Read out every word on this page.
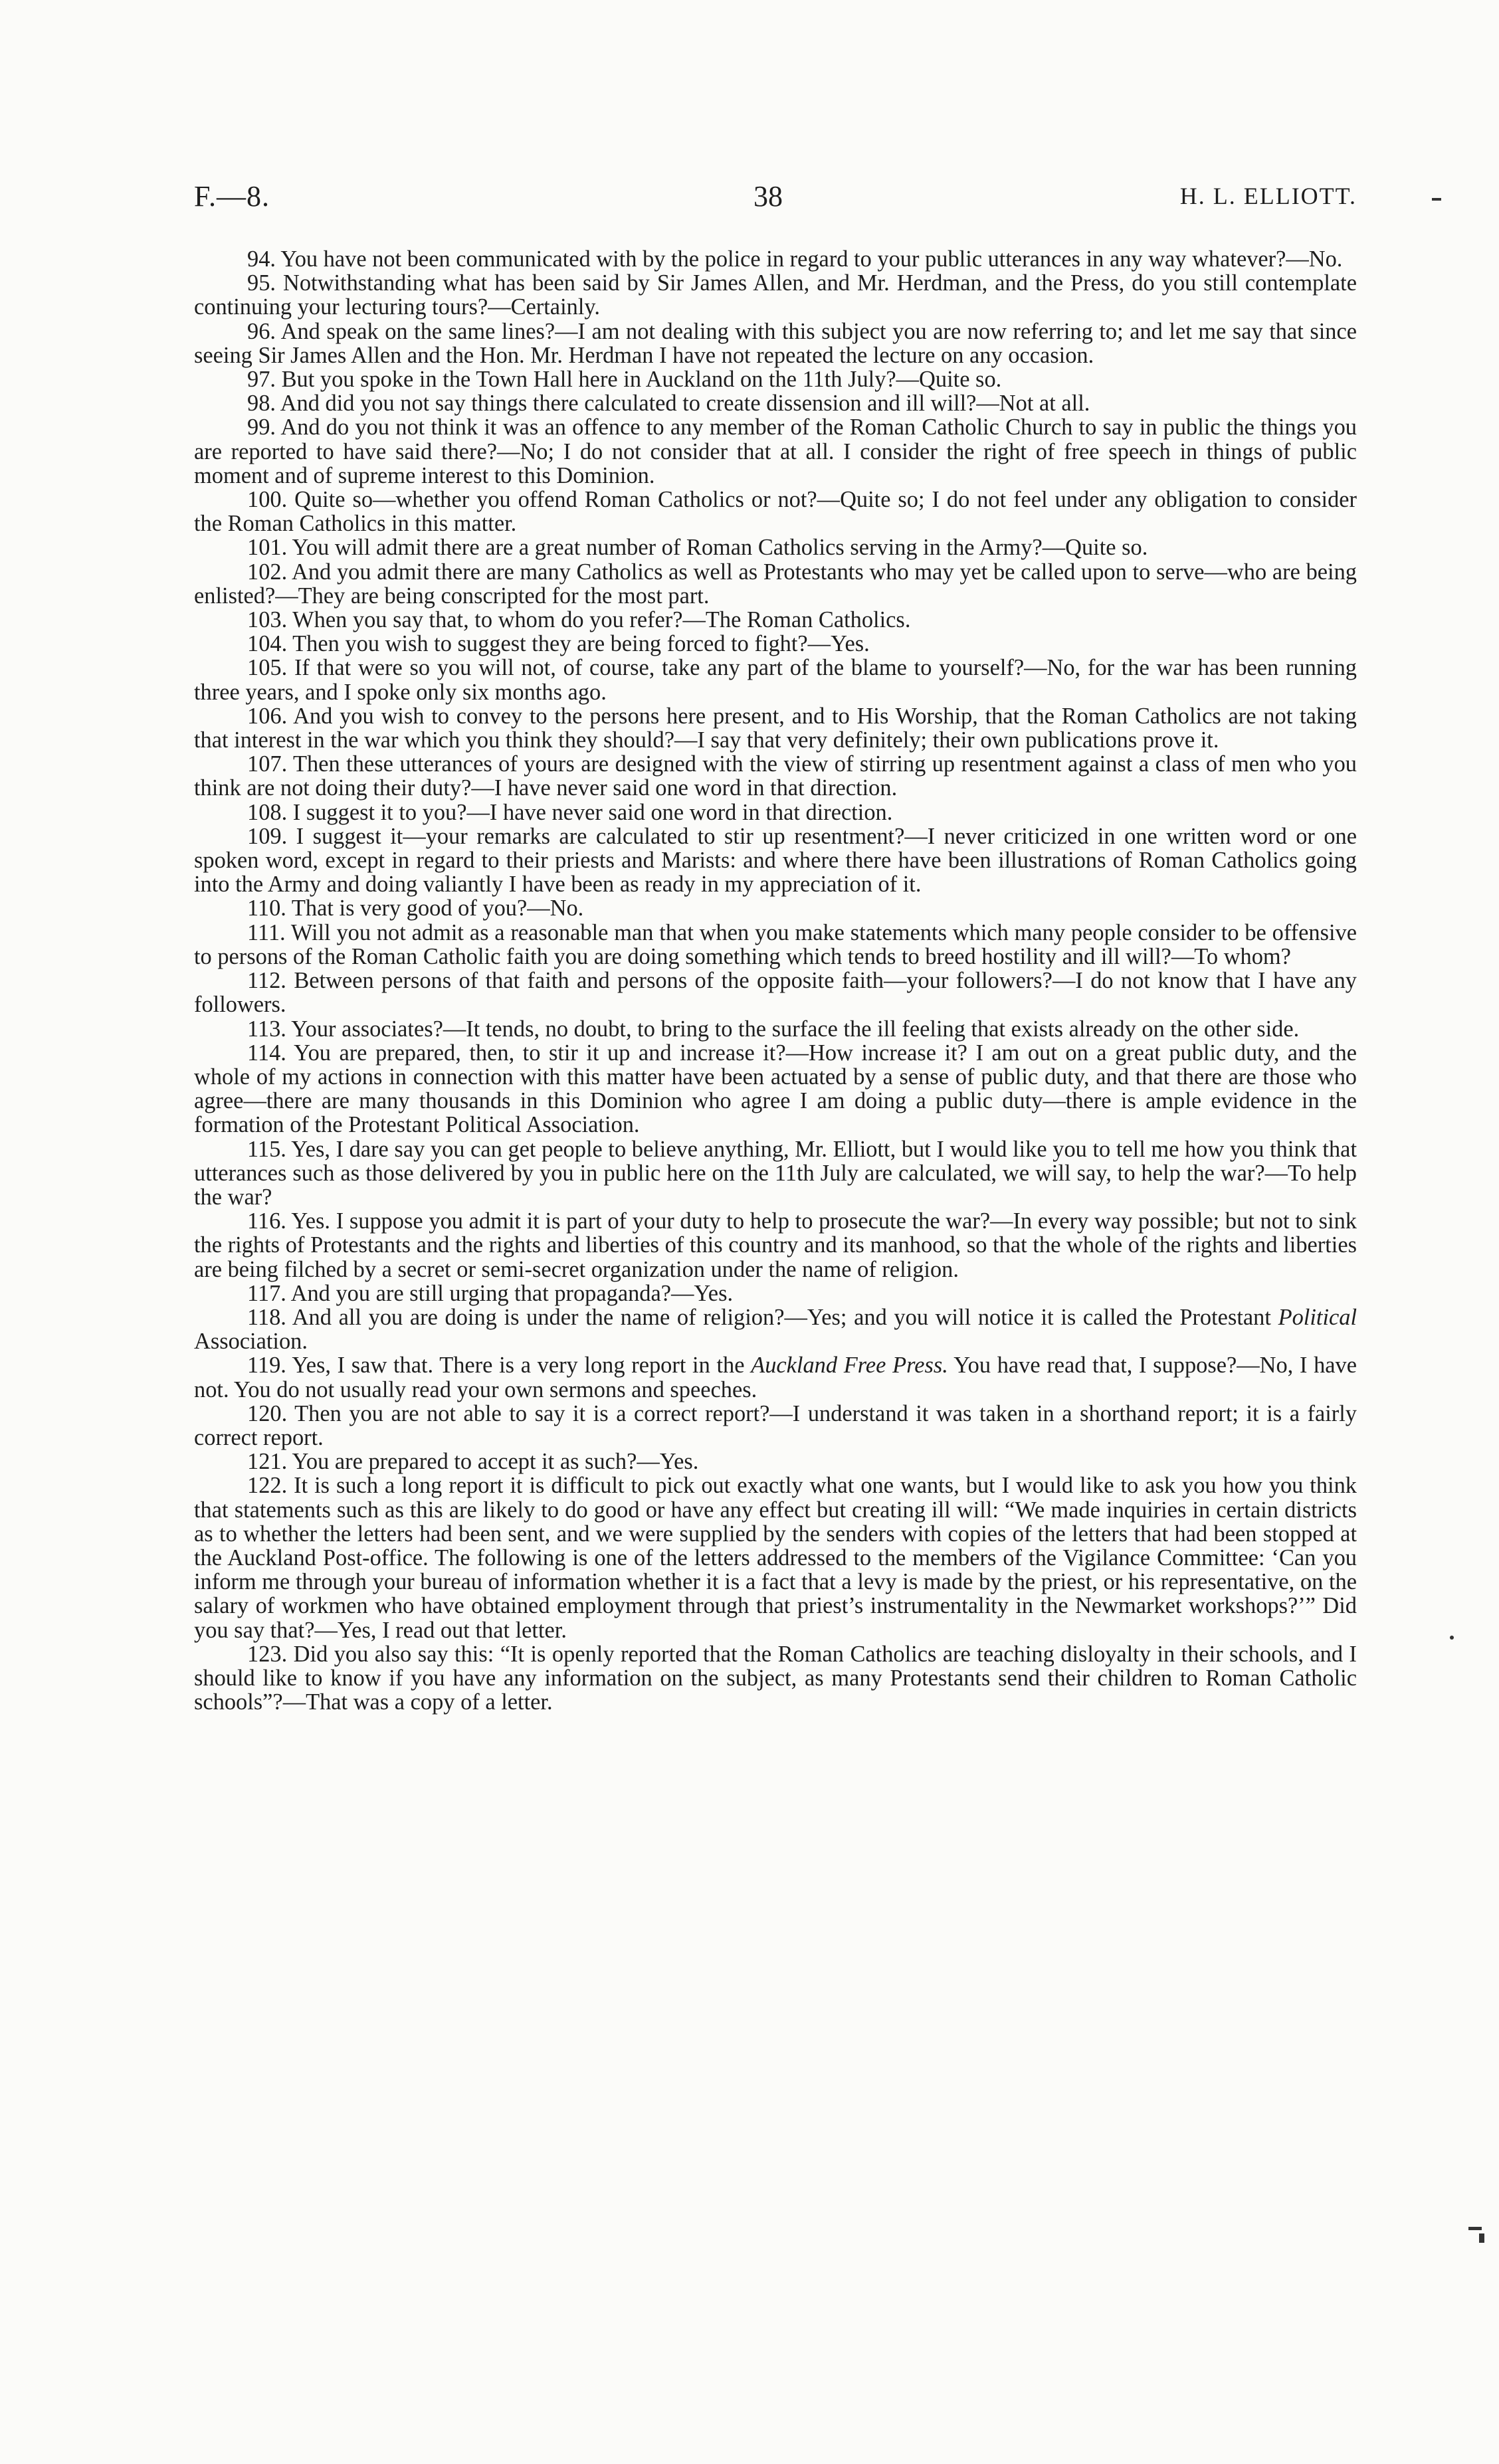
F.—8.	38	H. L. ELLIOTT.

94. You have not been communicated with by the police in regard to your public utterances in any way whatever?—No.

95. Notwithstanding what has been said by Sir James Allen, and Mr. Herdman, and the Press, do you still contemplate continuing your lecturing tours?—Certainly.

96. And speak on the same lines?—I am not dealing with this subject you are now referring to; and let me say that since seeing Sir James Allen and the Hon. Mr. Herdman I have not repeated the lecture on any occasion.

97. But you spoke in the Town Hall here in Auckland on the 11th July?—Quite so.

98. And did you not say things there calculated to create dissension and ill will?—Not at all.

99. And do you not think it was an offence to any member of the Roman Catholic Church to say in public the things you are reported to have said there?—No; I do not consider that at all. I consider the right of free speech in things of public moment and of supreme interest to this Dominion.

100. Quite so—whether you offend Roman Catholics or not?—Quite so; I do not feel under any obligation to consider the Roman Catholics in this matter.

101. You will admit there are a great number of Roman Catholics serving in the Army?—Quite so.

102. And you admit there are many Catholics as well as Protestants who may yet be called upon to serve—who are being enlisted?—They are being conscripted for the most part.

103. When you say that, to whom do you refer?—The Roman Catholics.

104. Then you wish to suggest they are being forced to fight?—Yes.

105. If that were so you will not, of course, take any part of the blame to yourself?—No, for the war has been running three years, and I spoke only six months ago.

106. And you wish to convey to the persons here present, and to His Worship, that the Roman Catholics are not taking that interest in the war which you think they should?—I say that very definitely; their own publications prove it.

107. Then these utterances of yours are designed with the view of stirring up resentment against a class of men who you think are not doing their duty?—I have never said one word in that direction.

108. I suggest it to you?—I have never said one word in that direction.

109. I suggest it—your remarks are calculated to stir up resentment?—I never criticized in one written word or one spoken word, except in regard to their priests and Marists: and where there have been illustrations of Roman Catholics going into the Army and doing valiantly I have been as ready in my appreciation of it.

110. That is very good of you?—No.

111. Will you not admit as a reasonable man that when you make statements which many people consider to be offensive to persons of the Roman Catholic faith you are doing something which tends to breed hostility and ill will?—To whom?

112. Between persons of that faith and persons of the opposite faith—your followers?—I do not know that I have any followers.

113. Your associates?—It tends, no doubt, to bring to the surface the ill feeling that exists already on the other side.

114. You are prepared, then, to stir it up and increase it?—How increase it? I am out on a great public duty, and the whole of my actions in connection with this matter have been actuated by a sense of public duty, and that there are those who agree—there are many thousands in this Dominion who agree I am doing a public duty—there is ample evidence in the formation of the Protestant Political Association.

115. Yes, I dare say you can get people to believe anything, Mr. Elliott, but I would like you to tell me how you think that utterances such as those delivered by you in public here on the 11th July are calculated, we will say, to help the war?—To help the war?

116. Yes. I suppose you admit it is part of your duty to help to prosecute the war?—In every way possible; but not to sink the rights of Protestants and the rights and liberties of this country and its manhood, so that the whole of the rights and liberties are being filched by a secret or semi-secret organization under the name of religion.

117. And you are still urging that propaganda?—Yes.

118. And all you are doing is under the name of religion?—Yes; and you will notice it is called the Protestant Political Association.

119. Yes, I saw that. There is a very long report in the Auckland Free Press. You have read that, I suppose?—No, I have not. You do not usually read your own sermons and speeches.

120. Then you are not able to say it is a correct report?—I understand it was taken in a shorthand report; it is a fairly correct report.

121. You are prepared to accept it as such?—Yes.

122. It is such a long report it is difficult to pick out exactly what one wants, but I would like to ask you how you think that statements such as this are likely to do good or have any effect but creating ill will: “We made inquiries in certain districts as to whether the letters had been sent, and we were supplied by the senders with copies of the letters that had been stopped at the Auckland Post-office. The following is one of the letters addressed to the members of the Vigilance Committee: ‘Can you inform me through your bureau of information whether it is a fact that a levy is made by the priest, or his representative, on the salary of workmen who have obtained employment through that priest’s instrumentality in the Newmarket workshops?’” Did you say that?—Yes, I read out that letter.

123. Did you also say this: “It is openly reported that the Roman Catholics are teaching disloyalty in their schools, and I should like to know if you have any information on the subject, as many Protestants send their children to Roman Catholic schools”?—That was a copy of a letter.
